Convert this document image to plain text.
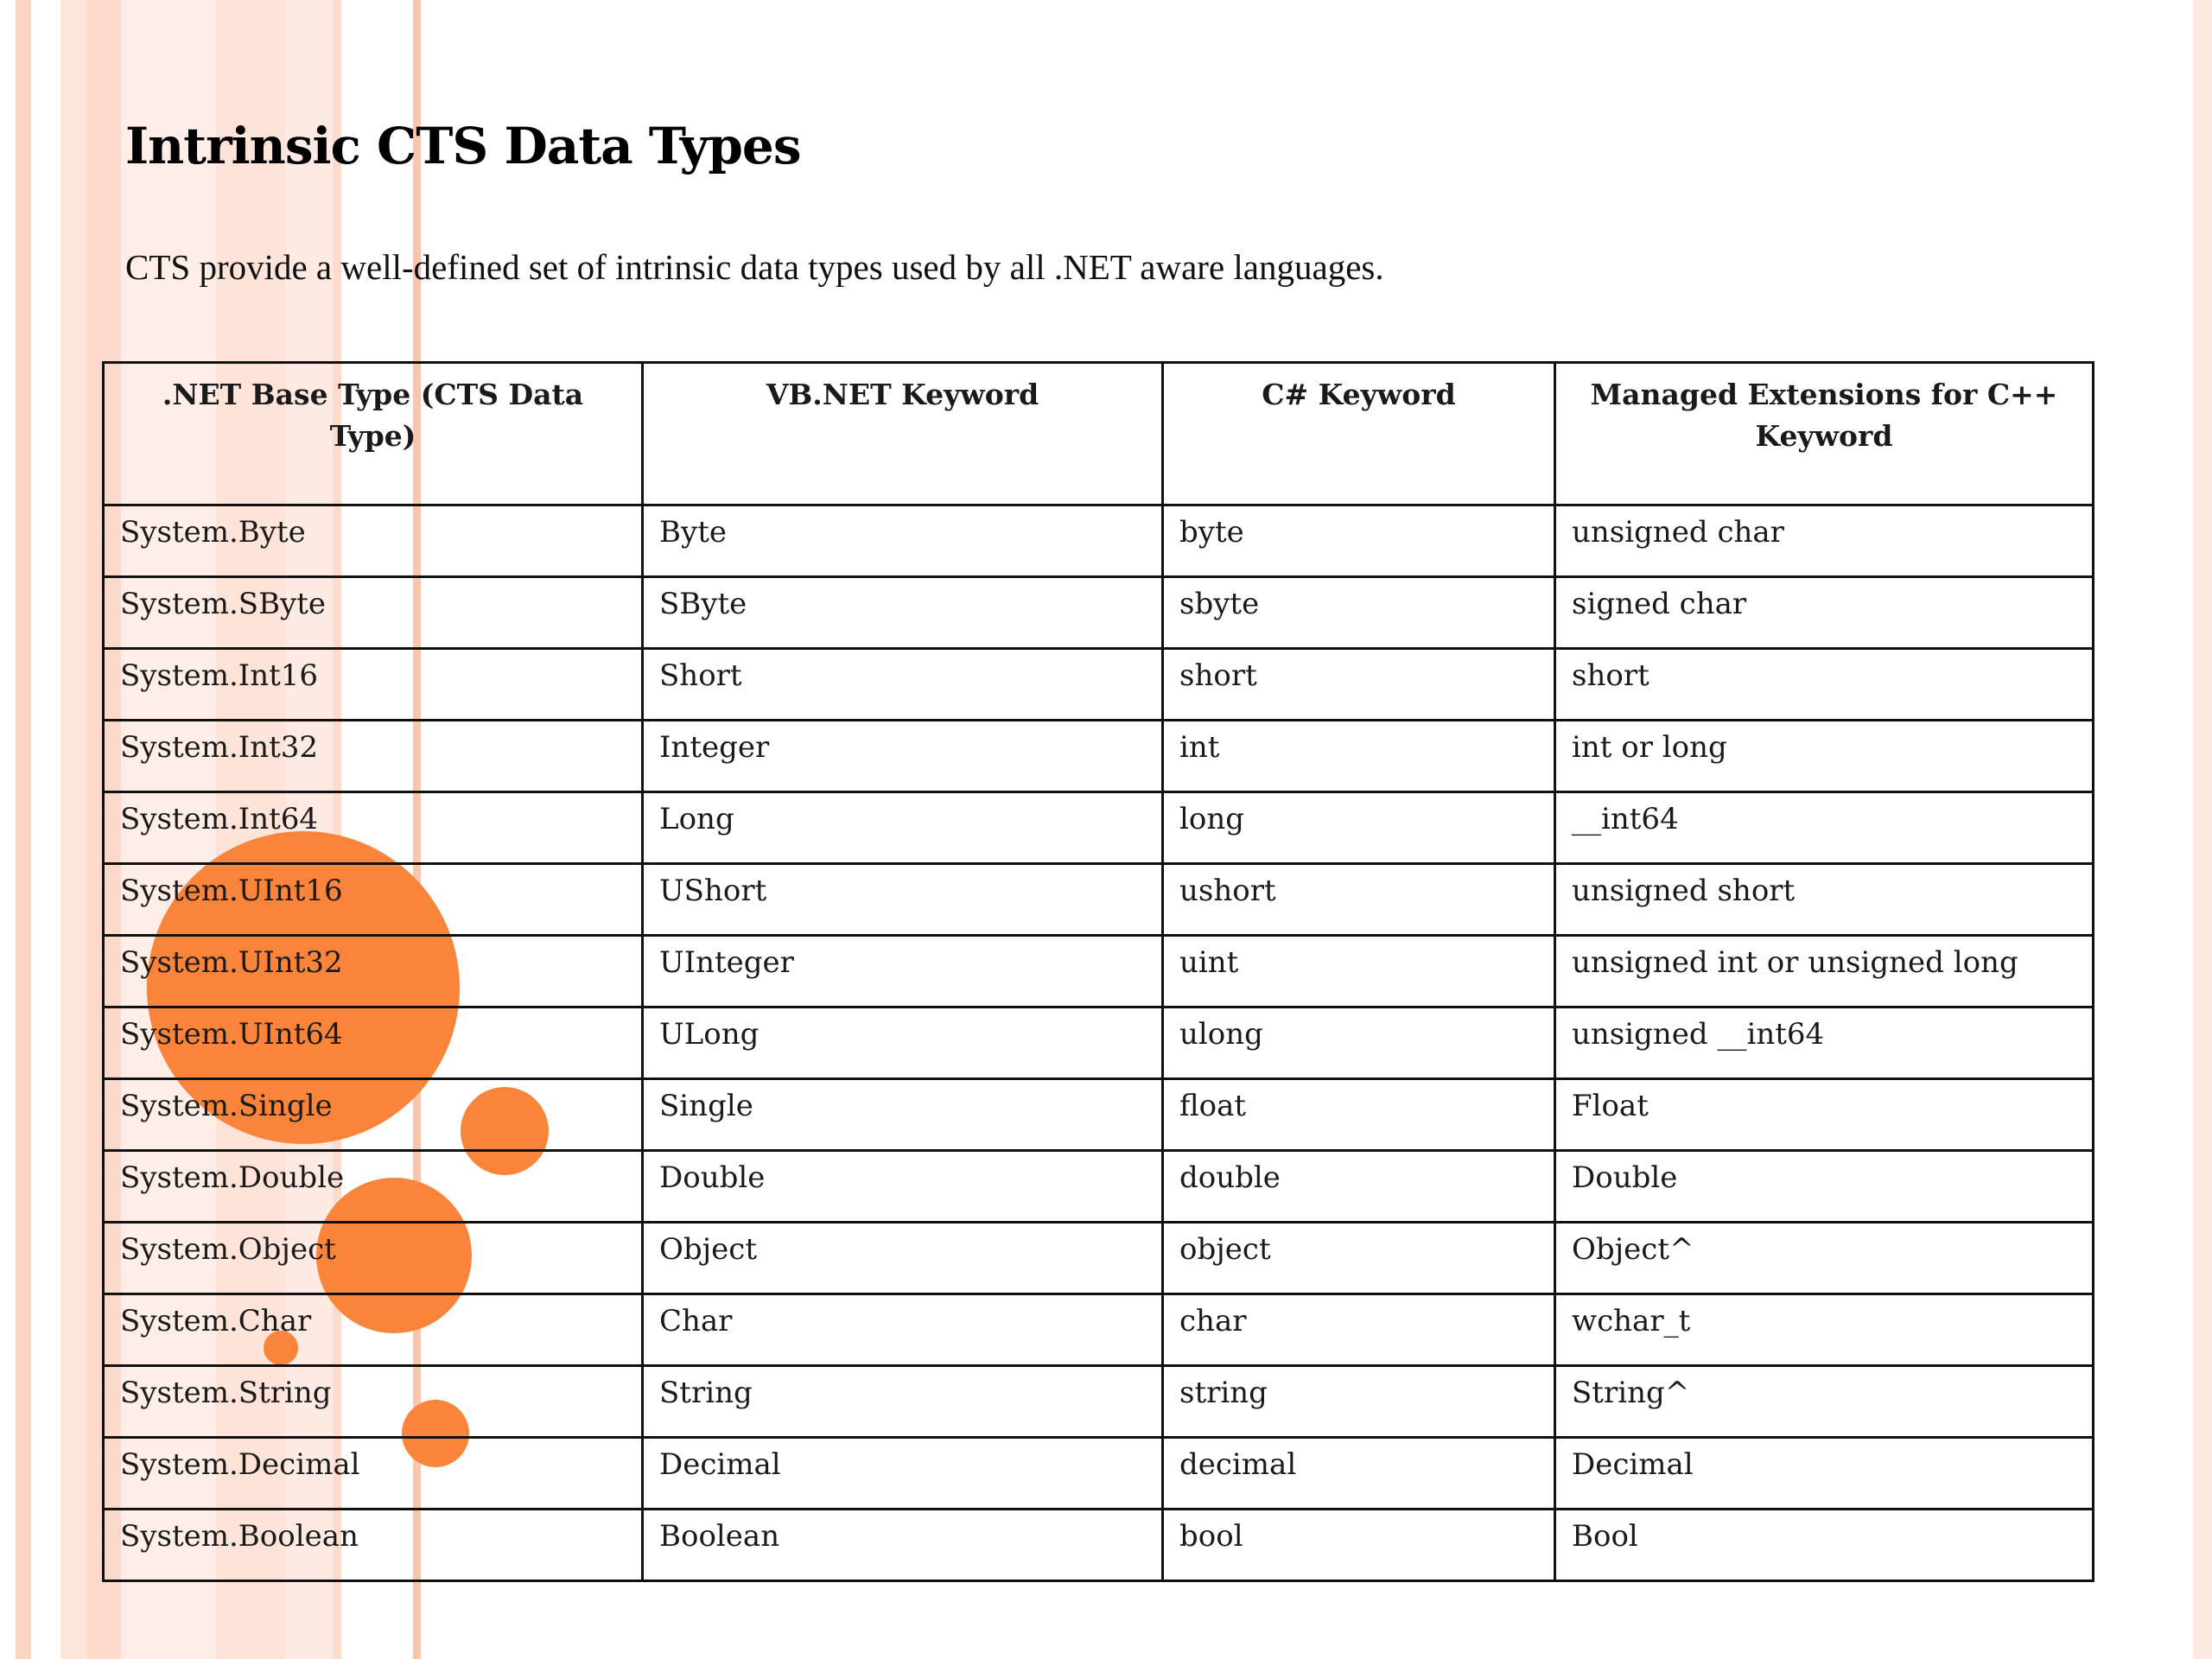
Intrinsic CTS Data Types

CTS provide a well-defined set of intrinsic data types used by all .NET aware languages.

.NET Base Type (CTS Data Type)	VB.NET Keyword	C# Keyword	Managed Extensions for C++ Keyword
System.Byte	Byte	byte	unsigned char
System.SByte	SByte	sbyte	signed char
System.Int16	Short	short	short
System.Int32	Integer	int	int or long
System.Int64	Long	long	__int64
System.UInt16	UShort	ushort	unsigned short
System.UInt32	UInteger	uint	unsigned int or unsigned long
System.UInt64	ULong	ulong	unsigned __int64
System.Single	Single	float	Float
System.Double	Double	double	Double
System.Object	Object	object	Object^
System.Char	Char	char	wchar_t
System.String	String	string	String^
System.Decimal	Decimal	decimal	Decimal
System.Boolean	Boolean	bool	Bool
